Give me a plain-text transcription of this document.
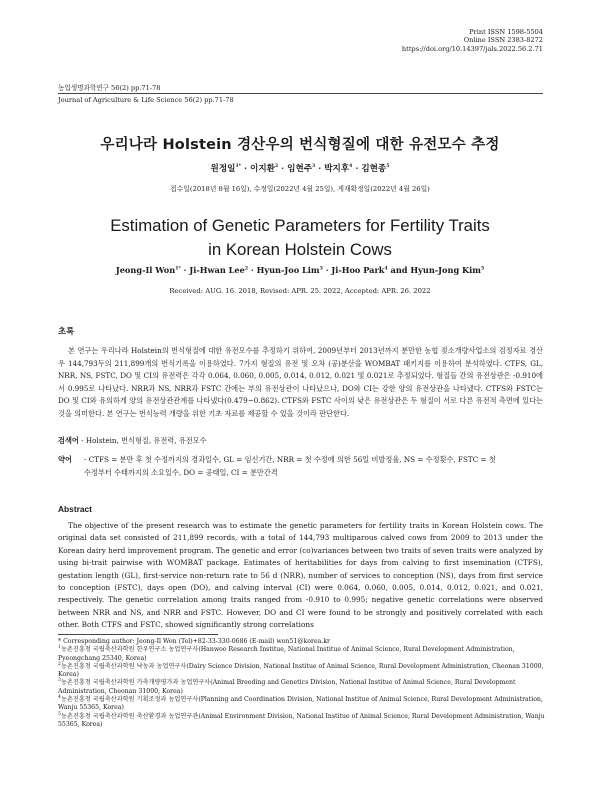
Print ISSN 1598-5504
Online ISSN 2383-8272
https://doi.org/10.14397/jals.2022.56.2.71
농업생명과학연구 56(2) pp.71-78
Journal of Agriculture & Life Science 56(2) pp.71-78
우리나라 Holstein 경산우의 번식형질에 대한 유전모수 추정
원정일$^{1*}$ · 이지환$^2$ · 임현주$^3$ · 박지후$^4$ · 김현종$^5$
접수일(2018년 8월 16일), 수정일(2022년 4월 25일), 게재확정일(2022년 4월 26일)
Estimation of Genetic Parameters for Fertility Traits
in Korean Holstein Cows
Jeong-Il Won$^{1*}$ · Ji-Hwan Lee$^2$ · Hyun-Joo Lim$^3$ · Ji-Hoo Park$^4$ and Hyun-Jong Kim$^5$
Received: AUG. 16. 2018, Revised: APR. 25. 2022, Accepted: APR. 26. 2022
초록
본 연구는 우리나라 Holstein의 번식형질에 대한 유전모수를 추정하기 위하여, 2009년부터 2013년까지 분만한 농협 젖소개량사업소의 검정자료 경산우 144,793두의 211,899개의 번식기록을 이용하였다. 7가지 형질의 유전 및 오차 (공)분산을 WOMBAT 패키지를 이용하여 분석하였다. CTFS, GL, NRR, NS, FSTC, DO 및 CI의 유전력은 각각 0.064, 0.060, 0.005, 0.014, 0.012, 0.021 및 0.021로 추정되었다. 형질들 간의 유전상관은 -0.910에서 0.995로 나타났다. NRR과 NS, NRR과 FSTC 간에는 부의 유전상관이 나타났으나, DO와 CI는 강한 양의 유전상관을 나타냈다. CTFS와 FSTC는 DO 및 CI와 유의하게 양의 유전상관관계를 나타냈다(0.479~0.862). CTFS와 FSTC 사이의 낮은 유전상관은 두 형질이 서로 다른 유전적 측면에 있다는 것을 의미한다. 본 연구는 번식능력 개량을 위한 기초 자료를 제공할 수 있을 것이라 판단한다.
검색어 - Holstein, 번식형질, 유전력, 유전모수
약어 - CTFS = 분만 후 첫 수정까지의 경과일수, GL = 임신기간, NRR = 첫 수정에 의한 56일 비발정율, NS = 수정횟수, FSTC = 첫
수정부터 수태까지의 소요일수, DO = 공태일, CI = 분만간격
Abstract
The objective of the present research was to estimate the genetic parameters for fertility traits in Korean Holstein cows. The original data set consisted of 211,899 records, with a total of 144,793 multiparous calved cows from 2009 to 2013 under the Korean dairy herd improvement program. The genetic and error (co)variances between two traits of seven traits were analyzed by using bi-trait pairwise with WOMBAT package. Estimates of heritabilities for days from calving to first insemination (CTFS), gestation length (GL), first-service non-return rate to 56 d (NRR), number of services to conception (NS), days from first service to conception (FSTC), days open (DO), and calving interval (CI) were 0.064, 0.060, 0.005, 0.014, 0.012, 0.021, and 0.021, respectively. The genetic correlation among traits ranged from -0.910 to 0.995; negative genetic correlations were observed between NRR and NS, and NRR and FSTC. However, DO and CI were found to be strongly and positively correlated with each other. Both CTFS and FSTC, showed significantly strong correlations
* Corresponding author: Jeong-Il Won (Tel)+82-33-330-0686 (E-mail) won51@korea.kr
$^1$농촌진흥청 국립축산과학원 한우연구소 농업연구사(Hanwoo Research Institue, National Institue of Animal Science, Rural Development Administration, Pyeongchang 25340, Korea)
$^2$농촌진흥청 국립축산과학원 낙농과 농업연구사(Dairy Science Division, National Institue of Animal Science, Rural Development Administration, Cheonan 31000, Korea)
$^3$농촌진흥청 국립축산과학원 가축개량평가과 농업연구사(Animal Breeding and Genetics Division, National Institue of Animal Science, Rural Development Administration, Cheonan 31000, Korea)
$^4$농촌진흥청 국립축산과학원 기획조정과 농업연구사(Planning and Coordination Division, National Institue of Animal Science, Rural Development Administration, Wanju 55365, Korea)
$^5$농촌진흥청 국립축산과학원 축산환경과 농업연구관(Animal Environment Division, National Institue of Animal Science, Rural Development Administration, Wanju 55365, Korea)
